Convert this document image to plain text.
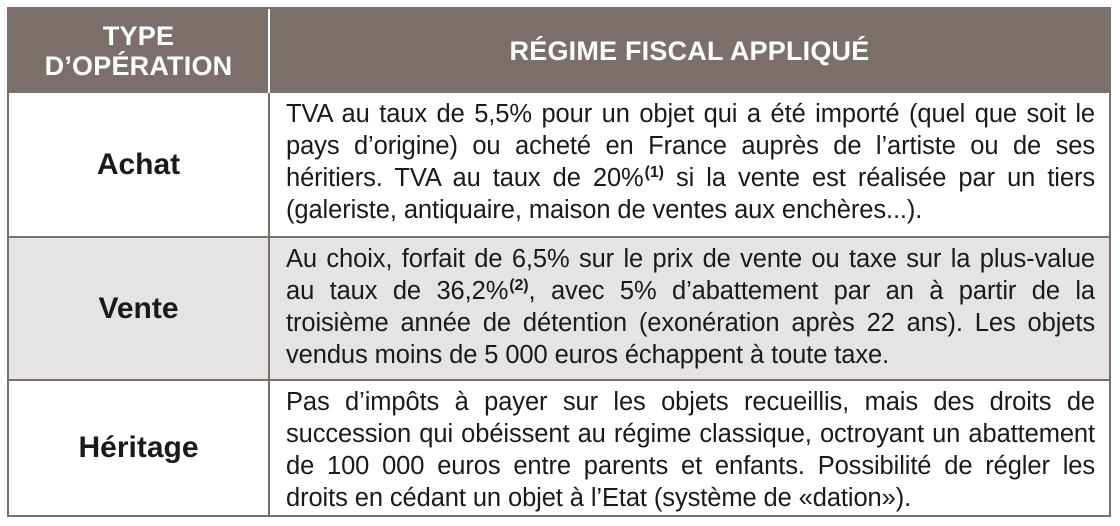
TYPE
D’OPÉRATION	RÉGIME FISCAL APPLIQUÉ
Achat
TVA au taux de 5,5% pour un objet qui a été importé (quel que soit le pays d’origine) ou acheté en France auprès de l’artiste ou de ses héritiers. TVA au taux de 20%$^{(1)}$ si la vente est réalisée par un tiers (galeriste, antiquaire, maison de ventes aux enchères...).
Vente
Au choix, forfait de 6,5% sur le prix de vente ou taxe sur la plus-value au taux de 36,2%$^{(2)}$, avec 5% d’abattement par an à partir de la troisième année de détention (exonération après 22 ans). Les objets vendus moins de 5 000 euros échappent à toute taxe.
Héritage
Pas d’impôts à payer sur les objets recueillis, mais des droits de succession qui obéissent au régime classique, octroyant un abattement de 100 000 euros entre parents et enfants. Possibilité de régler les droits en cédant un objet à l’Etat (système de «dation»).
